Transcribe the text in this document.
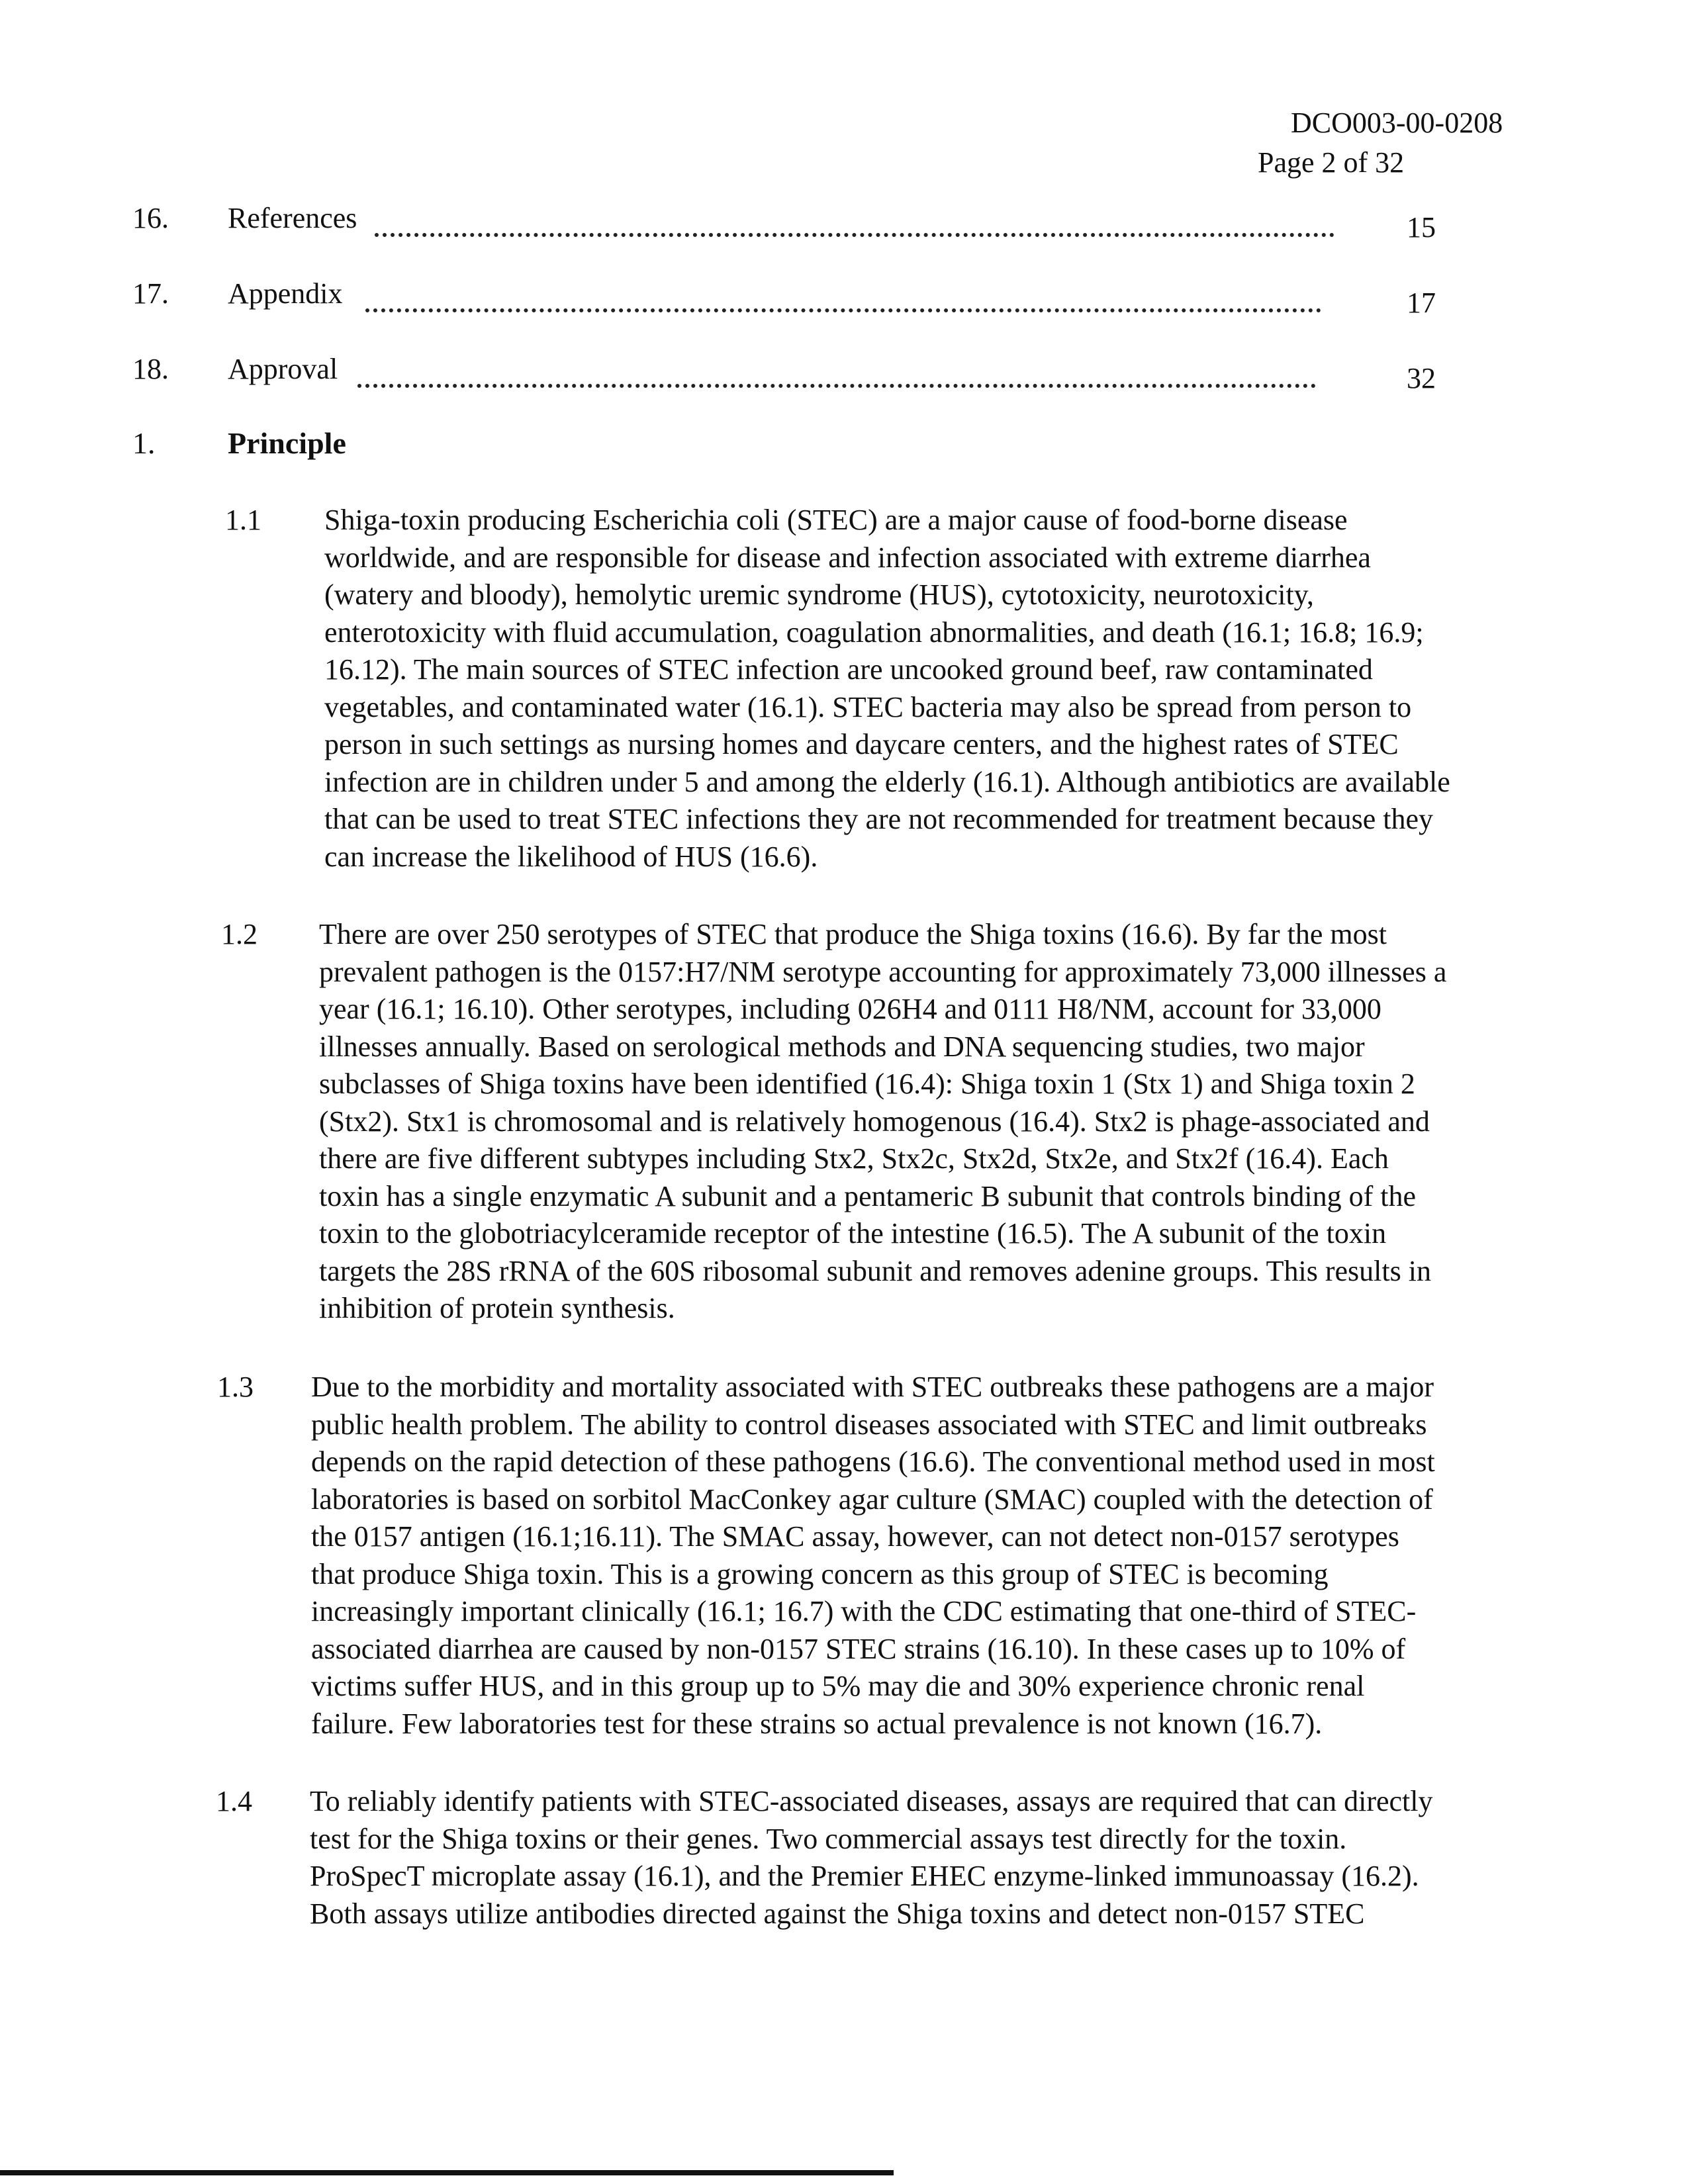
DCO003-00-0208
Page 2 of 32
16. References	15
17. Appendix	17
18. Approval	32
1. Principle
1.1 Shiga-toxin producing Escherichia coli (STEC) are a major cause of food-borne disease
worldwide, and are responsible for disease and infection associated with extreme diarrhea
(watery and bloody), hemolytic uremic syndrome (HUS), cytotoxicity, neurotoxicity,
enterotoxicity with fluid accumulation, coagulation abnormalities, and death (16.1; 16.8; 16.9;
16.12). The main sources of STEC infection are uncooked ground beef, raw contaminated
vegetables, and contaminated water (16.1). STEC bacteria may also be spread from person to
person in such settings as nursing homes and daycare centers, and the highest rates of STEC
infection are in children under 5 and among the elderly (16.1). Although antibiotics are available
that can be used to treat STEC infections they are not recommended for treatment because they
can increase the likelihood of HUS (16.6).
1.2 There are over 250 serotypes of STEC that produce the Shiga toxins (16.6). By far the most
prevalent pathogen is the 0157:H7/NM serotype accounting for approximately 73,000 illnesses a
year (16.1; 16.10). Other serotypes, including 026H4 and 0111 H8/NM, account for 33,000
illnesses annually. Based on serological methods and DNA sequencing studies, two major
subclasses of Shiga toxins have been identified (16.4): Shiga toxin 1 (Stx 1) and Shiga toxin 2
(Stx2). Stx1 is chromosomal and is relatively homogenous (16.4). Stx2 is phage-associated and
there are five different subtypes including Stx2, Stx2c, Stx2d, Stx2e, and Stx2f (16.4). Each
toxin has a single enzymatic A subunit and a pentameric B subunit that controls binding of the
toxin to the globotriacylceramide receptor of the intestine (16.5). The A subunit of the toxin
targets the 28S rRNA of the 60S ribosomal subunit and removes adenine groups. This results in
inhibition of protein synthesis.
1.3 Due to the morbidity and mortality associated with STEC outbreaks these pathogens are a major
public health problem. The ability to control diseases associated with STEC and limit outbreaks
depends on the rapid detection of these pathogens (16.6). The conventional method used in most
laboratories is based on sorbitol MacConkey agar culture (SMAC) coupled with the detection of
the 0157 antigen (16.1;16.11). The SMAC assay, however, can not detect non-0157 serotypes
that produce Shiga toxin. This is a growing concern as this group of STEC is becoming
increasingly important clinically (16.1; 16.7) with the CDC estimating that one-third of STEC-
associated diarrhea are caused by non-0157 STEC strains (16.10). In these cases up to 10% of
victims suffer HUS, and in this group up to 5% may die and 30% experience chronic renal
failure. Few laboratories test for these strains so actual prevalence is not known (16.7).
1.4 To reliably identify patients with STEC-associated diseases, assays are required that can directly
test for the Shiga toxins or their genes. Two commercial assays test directly for the toxin.
ProSpecT microplate assay (16.1), and the Premier EHEC enzyme-linked immunoassay (16.2).
Both assays utilize antibodies directed against the Shiga toxins and detect non-0157 STEC
